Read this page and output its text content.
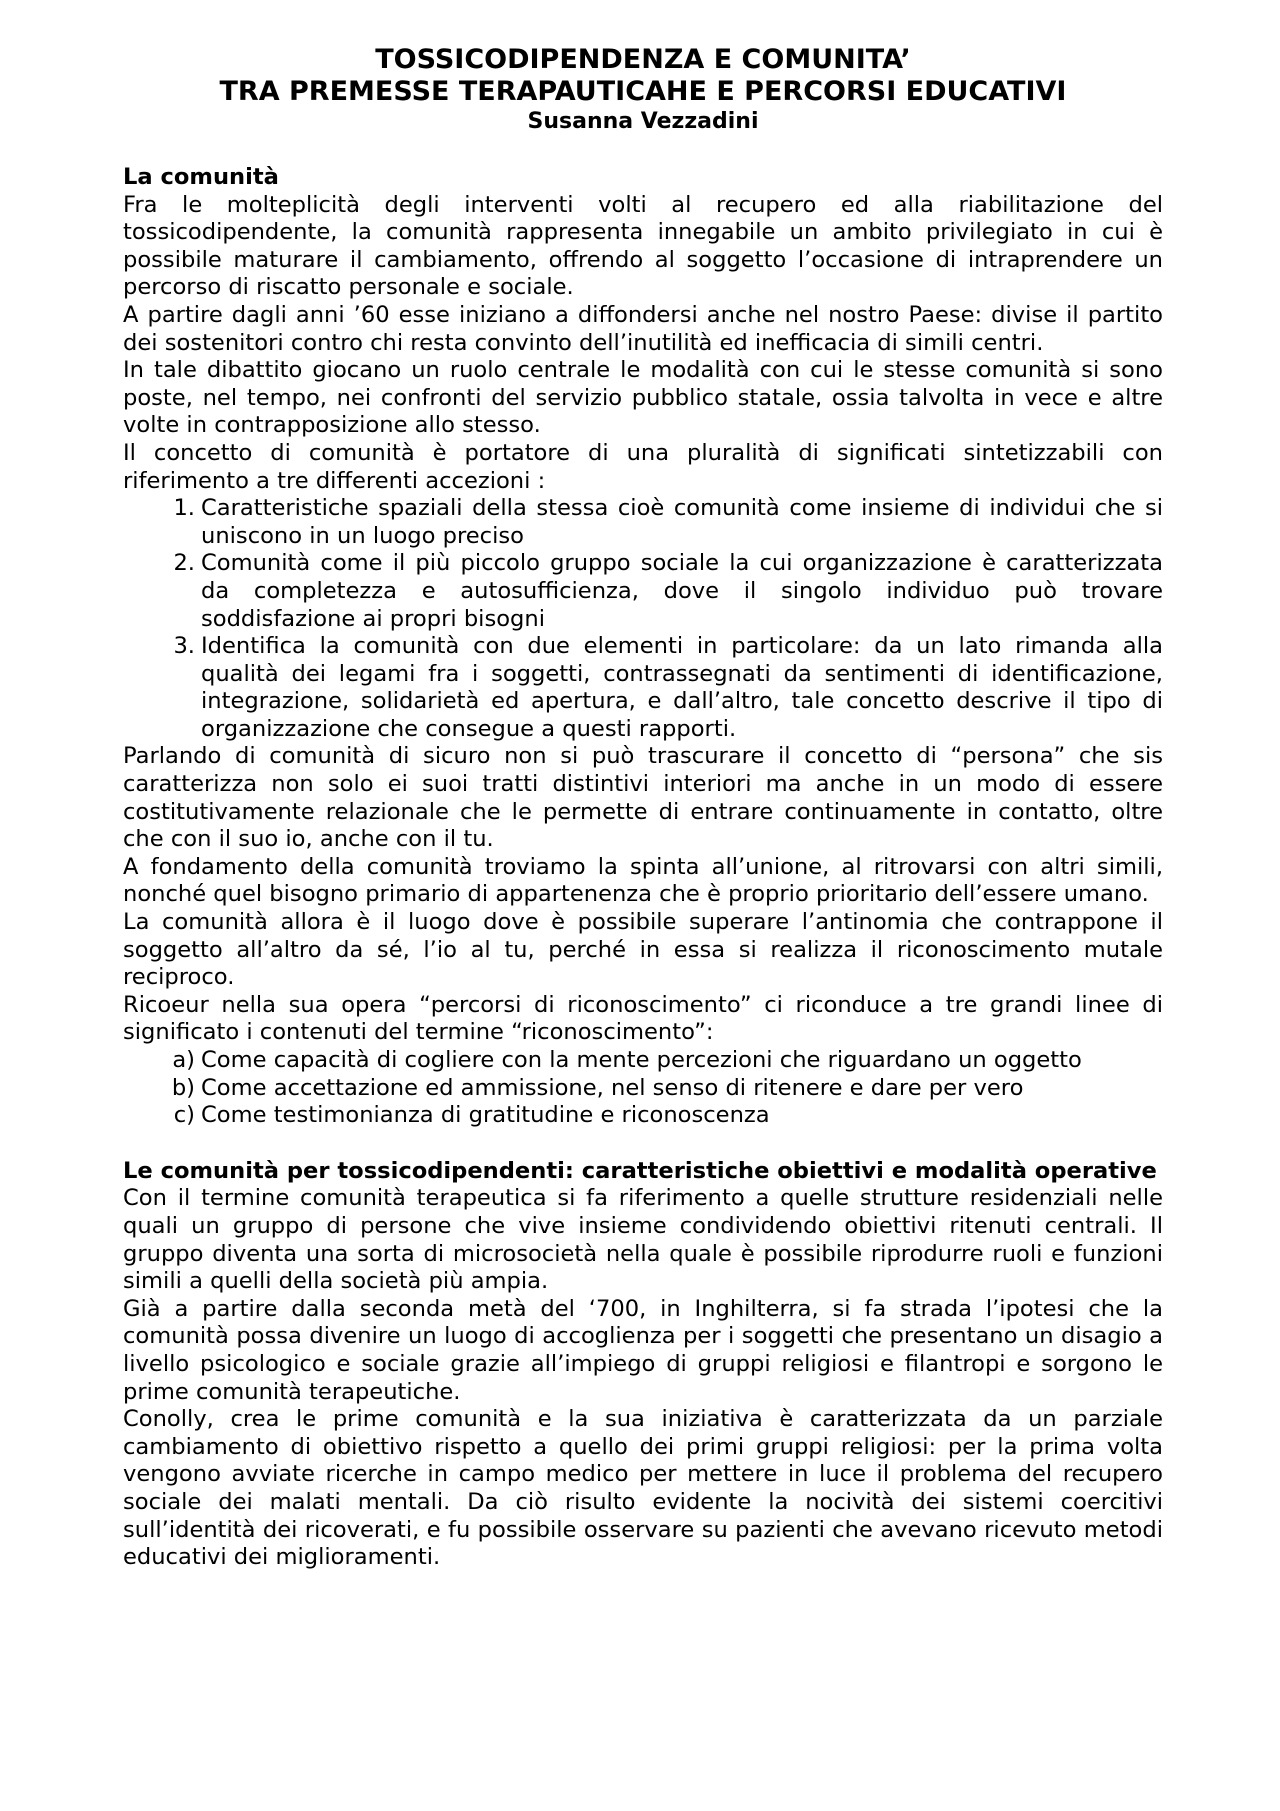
TOSSICODIPENDENZA E COMUNITA’
TRA PREMESSE TERAPAUTICAHE E PERCORSI EDUCATIVI
Susanna Vezzadini
La comunità

Fra le molteplicità degli interventi volti al recupero ed alla riabilitazione del tossicodipendente, la comunità rappresenta innegabile un ambito privilegiato in cui è possibile maturare il cambiamento, offrendo al soggetto l’occasione di intraprendere un percorso di riscatto personale e sociale.

A partire dagli anni ’60 esse iniziano a diffondersi anche nel nostro Paese: divise il partito dei sostenitori contro chi resta convinto dell’inutilità ed inefficacia di simili centri.

In tale dibattito giocano un ruolo centrale le modalità con cui le stesse comunità si sono poste, nel tempo, nei confronti del servizio pubblico statale, ossia talvolta in vece e altre volte in contrapposizione allo stesso.

Il concetto di comunità è portatore di una pluralità di significati sintetizzabili con riferimento a tre differenti accezioni :

1. Caratteristiche spaziali della stessa cioè comunità come insieme di individui che si uniscono in un luogo preciso
2. Comunità come il più piccolo gruppo sociale la cui organizzazione è caratterizzata da completezza e autosufficienza, dove il singolo individuo può trovare soddisfazione ai propri bisogni
3. Identifica la comunità con due elementi in particolare: da un lato rimanda alla qualità dei legami fra i soggetti, contrassegnati da sentimenti di identificazione, integrazione, solidarietà ed apertura, e dall’altro, tale concetto descrive il tipo di organizzazione che consegue a questi rapporti.

Parlando di comunità di sicuro non si può trascurare il concetto di “persona” che sis caratterizza non solo ei suoi tratti distintivi interiori ma anche in un modo di essere costitutivamente relazionale che le permette di entrare continuamente in contatto, oltre che con il suo io, anche con il tu.

A fondamento della comunità troviamo la spinta all’unione, al ritrovarsi con altri simili, nonché quel bisogno primario di appartenenza che è proprio prioritario dell’essere umano.

La comunità allora è il luogo dove è possibile superare l’antinomia che contrappone il soggetto all’altro da sé, l’io al tu, perché in essa si realizza il riconoscimento mutale reciproco.

Ricoeur nella sua opera “percorsi di riconoscimento” ci riconduce a tre grandi linee di significato i contenuti del termine “riconoscimento”:

a) Come capacità di cogliere con la mente percezioni che riguardano un oggetto
b) Come accettazione ed ammissione, nel senso di ritenere e dare per vero
c) Come testimonianza di gratitudine e riconoscenza
Le comunità per tossicodipendenti: caratteristiche obiettivi e modalità operative

Con il termine comunità terapeutica si fa riferimento a quelle strutture residenziali nelle quali un gruppo di persone che vive insieme condividendo obiettivi ritenuti centrali. Il gruppo diventa una sorta di microsocietà nella quale è possibile riprodurre ruoli e funzioni simili a quelli della società più ampia.

Già a partire dalla seconda metà del ‘700, in Inghilterra, si fa strada l’ipotesi che la comunità possa divenire un luogo di accoglienza per i soggetti che presentano un disagio a livello psicologico e sociale grazie all’impiego di gruppi religiosi e filantropi e sorgono le prime comunità terapeutiche.

Conolly, crea le prime comunità e la sua iniziativa è caratterizzata da un parziale cambiamento di obiettivo rispetto a quello dei primi gruppi religiosi: per la prima volta vengono avviate ricerche in campo medico per mettere in luce il problema del recupero sociale dei malati mentali. Da ciò risulto evidente la nocività dei sistemi coercitivi sull’identità dei ricoverati, e fu possibile osservare su pazienti che avevano ricevuto metodi educativi dei miglioramenti.
